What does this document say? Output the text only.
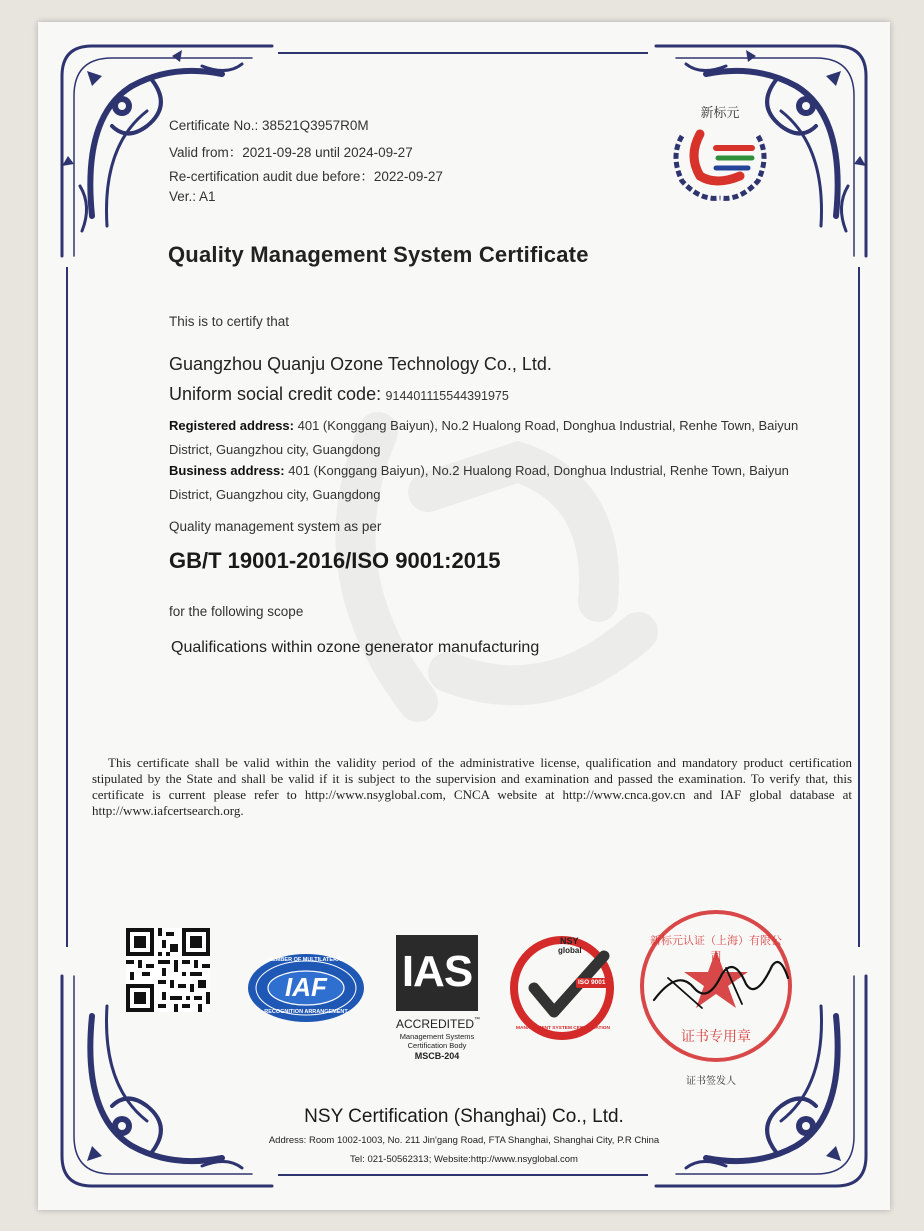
Certificate No.: 38521Q3957R0M
Valid from：2021-09-28 until 2024-09-27
Re-certification audit due before：2022-09-27
Ver.: A1
新标元
Quality Management System Certificate
This is to certify that
Guangzhou Quanju Ozone Technology Co., Ltd.
Uniform social credit code: 914401115544391975
Registered address: 401 (Konggang Baiyun), No.2 Hualong Road, Donghua Industrial, Renhe Town, Baiyun
District, Guangzhou city, Guangdong
Business address: 401 (Konggang Baiyun), No.2 Hualong Road, Donghua Industrial, Renhe Town, Baiyun
District, Guangzhou city, Guangdong
Quality management system as per
GB/T 19001-2016/ISO 9001:2015
for the following scope
Qualifications within ozone generator manufacturing
This certificate shall be valid within the validity period of the administrative license, qualification and mandatory product certification stipulated by the State and shall be valid if it is subject to the supervision and examination and passed the examination. To verify that, this certificate is current please refer to http://www.nsyglobal.com, CNCA website at http://www.cnca.gov.cn and IAF global database at http://www.iafcertsearch.org.
MEMBER OF MULTILATERAL
IAF
RECOGNITION ARRANGEMENT
IAS
ACCREDITED™
Management Systems
Certification Body
MSCB-204
NSY
global
ISO 9001
MANAGEMENT SYSTEM CERTIFICATION
新标元认证（上海）有限公司
证书专用章
证书签发人
NSY Certification (Shanghai) Co., Ltd.
Address: Room 1002-1003, No. 211 Jin'gang Road, FTA Shanghai, Shanghai City, P.R China
Tel: 021-50562313; Website:http://www.nsyglobal.com
